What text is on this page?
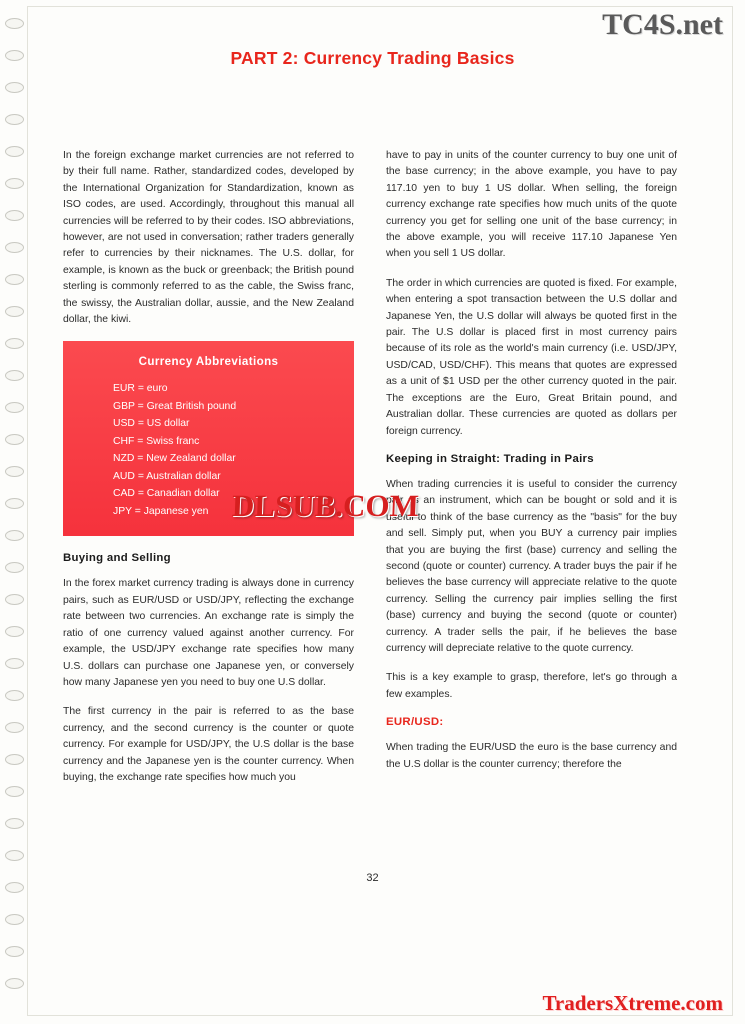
TC4S.net
PART 2: Currency Trading Basics

In the foreign exchange market currencies are not referred to by their full name. Rather, standardized codes, developed by the International Organization for Standardization, known as ISO codes, are used. Accordingly, throughout this manual all currencies will be referred to by their codes. ISO abbreviations, however, are not used in conversation; rather traders generally refer to currencies by their nicknames. The U.S. dollar, for example, is known as the buck or greenback; the British pound sterling is commonly referred to as the cable, the Swiss franc, the swissy, the Australian dollar, aussie, and the New Zealand dollar, the kiwi.

Currency Abbreviations
EUR = euro
GBP = Great British pound
USD = US dollar
CHF = Swiss franc
NZD = New Zealand dollar
AUD = Australian dollar
CAD = Canadian dollar
JPY = Japanese yen
Buying and Selling

In the forex market currency trading is always done in currency pairs, such as EUR/USD or USD/JPY, reflecting the exchange rate between two currencies. An exchange rate is simply the ratio of one currency valued against another currency. For example, the USD/JPY exchange rate specifies how many U.S. dollars can purchase one Japanese yen, or conversely how many Japanese yen you need to buy one U.S dollar.

The first currency in the pair is referred to as the base currency, and the second currency is the counter or quote currency. For example for USD/JPY, the U.S dollar is the base currency and the Japanese yen is the counter currency. When buying, the exchange rate specifies how much you

have to pay in units of the counter currency to buy one unit of the base currency; in the above example, you have to pay 117.10 yen to buy 1 US dollar. When selling, the foreign currency exchange rate specifies how much units of the quote currency you get for selling one unit of the base currency; in the above example, you will receive 117.10 Japanese Yen when you sell 1 US dollar.

The order in which currencies are quoted is fixed. For example, when entering a spot transaction between the U.S dollar and Japanese Yen, the U.S dollar will always be quoted first in the pair. The U.S dollar is placed first in most currency pairs because of its role as the world's main currency (i.e. USD/JPY, USD/CAD, USD/CHF). This means that quotes are expressed as a unit of $1 USD per the other currency quoted in the pair. The exceptions are the Euro, Great Britain pound, and Australian dollar. These currencies are quoted as dollars per foreign currency.

Keeping in Straight: Trading in Pairs

When trading currencies it is useful to consider the currency pair as an instrument, which can be bought or sold and it is useful to think of the base currency as the "basis" for the buy and sell. Simply put, when you BUY a currency pair implies that you are buying the first (base) currency and selling the second (quote or counter) currency. A trader buys the pair if he believes the base currency will appreciate relative to the quote currency. Selling the currency pair implies selling the first (base) currency and buying the second (quote or counter) currency. A trader sells the pair, if he believes the base currency will depreciate relative to the quote currency.

This is a key example to grasp, therefore, let's go through a few examples.

EUR/USD:

When trading the EUR/USD the euro is the base currency and the U.S dollar is the counter currency; therefore the

DLSUB.COM
32
TradersXtreme.com
